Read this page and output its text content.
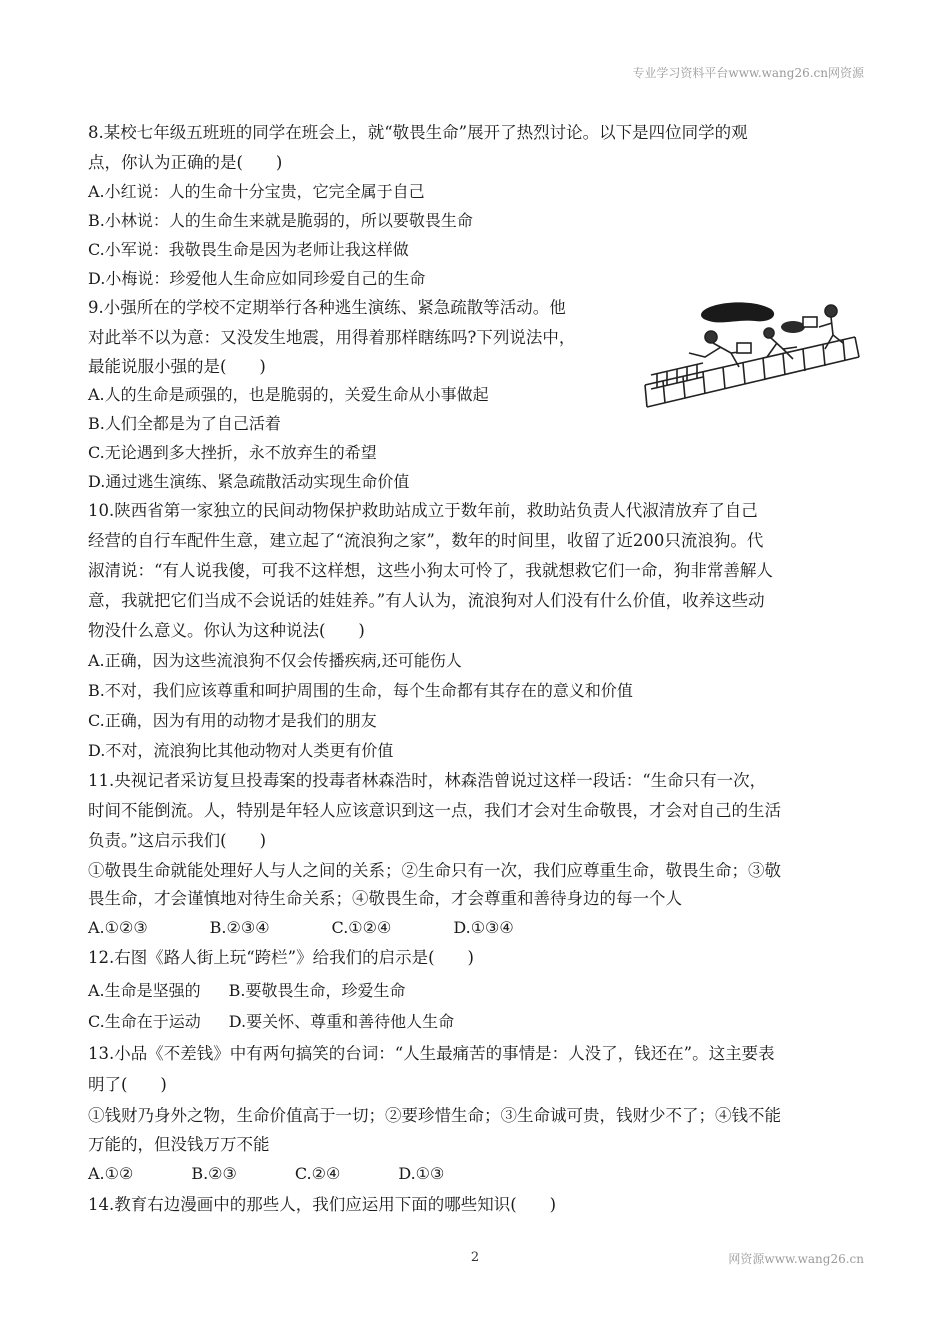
专业学习资料平台www.wang26.cn网资源
8.某校七年级五班班的同学在班会上，就“敬畏生命”展开了热烈讨论。以下是四位同学的观
点，你认为正确的是(　　)
A.小红说：人的生命十分宝贵，它完全属于自己
B.小林说：人的生命生来就是脆弱的，所以要敬畏生命
C.小军说：我敬畏生命是因为老师让我这样做
D.小梅说：珍爱他人生命应如同珍爱自己的生命
9.小强所在的学校不定期举行各种逃生演练、紧急疏散等活动。他
对此举不以为意：又没发生地震，用得着那样瞎练吗?下列说法中，
最能说服小强的是(　　)
A.人的生命是顽强的，也是脆弱的，关爱生命从小事做起
B.人们全都是为了自己活着
C.无论遇到多大挫折，永不放弃生的希望
D.通过逃生演练、紧急疏散活动实现生命价值
10.陕西省第一家独立的民间动物保护救助站成立于数年前，救助站负责人代淑清放弃了自己
经营的自行车配件生意，建立起了“流浪狗之家”，数年的时间里，收留了近200只流浪狗。代
淑清说：“有人说我傻，可我不这样想，这些小狗太可怜了，我就想救它们一命，狗非常善解人
意，我就把它们当成不会说话的娃娃养。”有人认为，流浪狗对人们没有什么价值，收养这些动
物没什么意义。你认为这种说法(　　)
A.正确，因为这些流浪狗不仅会传播疾病,还可能伤人
B.不对，我们应该尊重和呵护周围的生命，每个生命都有其存在的意义和价值
C.正确，因为有用的动物才是我们的朋友
D.不对，流浪狗比其他动物对人类更有价值
11.央视记者采访复旦投毒案的投毒者林森浩时，林森浩曾说过这样一段话：“生命只有一次，
时间不能倒流。人，特别是年轻人应该意识到这一点，我们才会对生命敬畏，才会对自己的生活
负责。”这启示我们(　　)
①敬畏生命就能处理好人与人之间的关系；②生命只有一次，我们应尊重生命，敬畏生命；③敬
畏生命，才会谨慎地对待生命关系；④敬畏生命，才会尊重和善待身边的每一个人
A.①②③	B.②③④	C.①②④	D.①③④
12.右图《路人街上玩“跨栏”》给我们的启示是(　　)
A.生命是坚强的 B.要敬畏生命，珍爱生命
C.生命在于运动 D.要关怀、尊重和善待他人生命
13.小品《不差钱》中有两句搞笑的台词：“人生最痛苦的事情是：人没了，钱还在”。这主要表
明了(　　)
①钱财乃身外之物，生命价值高于一切；②要珍惜生命；③生命诚可贵，钱财少不了；④钱不能
万能的，但没钱万万不能
A.①②	B.②③	C.②④	D.①③
14.教育右边漫画中的那些人，我们应运用下面的哪些知识(　　)
2	网资源www.wang26.cn
